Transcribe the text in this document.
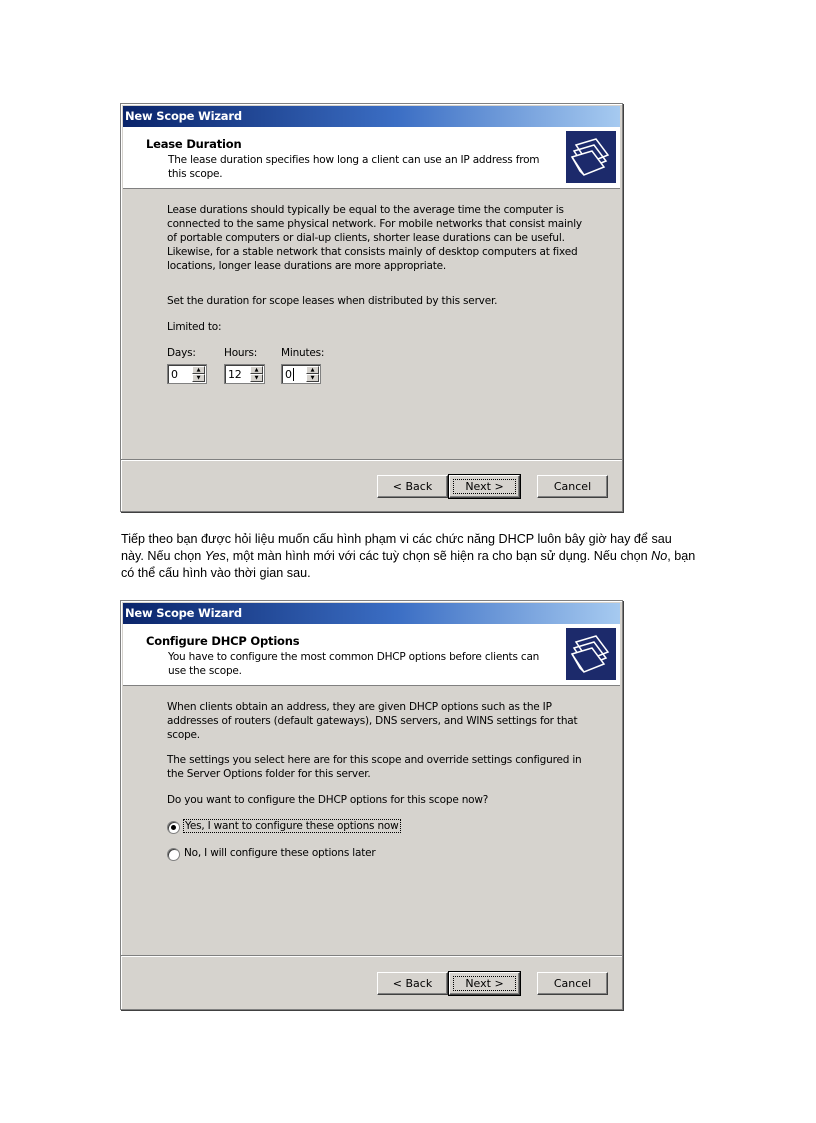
New Scope Wizard
Lease Duration
The lease duration specifies how long a client can use an IP address from this scope.
Lease durations should typically be equal to the average time the computer is connected to the same physical network. For mobile networks that consist mainly of portable computers or dial-up clients, shorter lease durations can be useful. Likewise, for a stable network that consists mainly of desktop computers at fixed locations, longer lease durations are more appropriate.
Set the duration for scope leases when distributed by this server.
Limited to:
Days:	Hours: Minutes:
0	▲
▼	12	▲
▼	0	▲
▼
< Back	Next >	Cancel
Tiếp theo bạn được hỏi liệu muốn cấu hình phạm vi các chức năng DHCP luôn bây giờ hay để sau này. Nếu chọn Yes, một màn hình mới với các tuỳ chọn sẽ hiện ra cho bạn sử dụng. Nếu chọn No, bạn có thể cấu hình vào thời gian sau.
New Scope Wizard
Configure DHCP Options
You have to configure the most common DHCP options before clients can use the scope.
When clients obtain an address, they are given DHCP options such as the IP addresses of routers (default gateways), DNS servers, and WINS settings for that scope.
The settings you select here are for this scope and override settings configured in the Server Options folder for this server.
Do you want to configure the DHCP options for this scope now?
Yes, I want to configure these options now
No, I will configure these options later
< Back	Next >	Cancel
